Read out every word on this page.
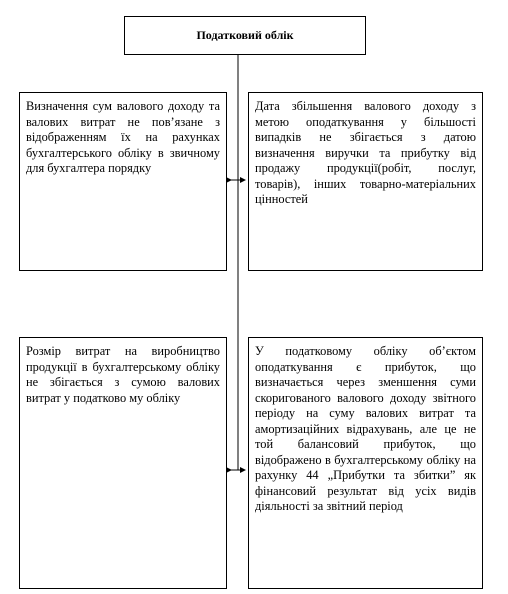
Податковий облік

Визначення сум валового доходу та валових витрат не пов’язане з відображенням їх на рахунках бухгалтерського обліку в звичному для бухгалтера порядку

Дата збільшення валового доходу з метою оподаткування у більшості випадків не збігається з датою визначення виручки та прибутку від продажу продукції(робіт, послуг, товарів), інших товарно-матеріальних цінностей

Розмір витрат на виробництво продукції в бухгалтерському обліку не збігається з сумою валових витрат у податково му обліку

У податковому обліку об’єктом оподаткування є прибуток, що визначається через зменшення суми скоригованого валового доходу звітного періоду на суму валових витрат та амортизаційних відрахувань, але це не той балансовий прибуток, що відображено в бухгалтерському обліку на рахунку 44 „Прибутки та збитки” як фінансовий результат від усіх видів діяльності за звітний період
